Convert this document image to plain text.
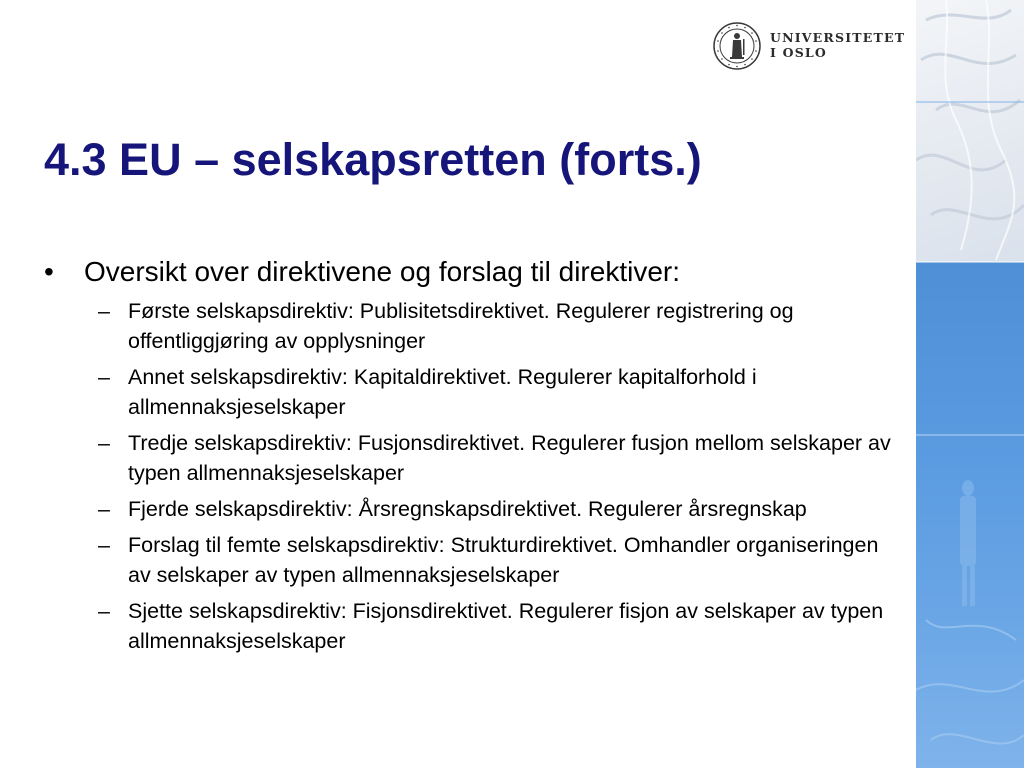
UNIVERSITETET
I OSLO
4.3 EU – selskapsretten (forts.)
• Oversikt over direktivene og forslag til direktiver:
– Første selskapsdirektiv: Publisitetsdirektivet. Regulerer registrering og offentliggjøring av opplysninger
– Annet selskapsdirektiv: Kapitaldirektivet. Regulerer kapitalforhold i allmennaksjeselskaper
– Tredje selskapsdirektiv: Fusjonsdirektivet. Regulerer fusjon mellom selskaper av typen allmennaksjeselskaper
– Fjerde selskapsdirektiv: Årsregnskapsdirektivet. Regulerer årsregnskap
– Forslag til femte selskapsdirektiv: Strukturdirektivet. Omhandler organiseringen av selskaper av typen allmennaksjeselskaper
– Sjette selskapsdirektiv: Fisjonsdirektivet. Regulerer fisjon av selskaper av typen allmennaksjeselskaper
